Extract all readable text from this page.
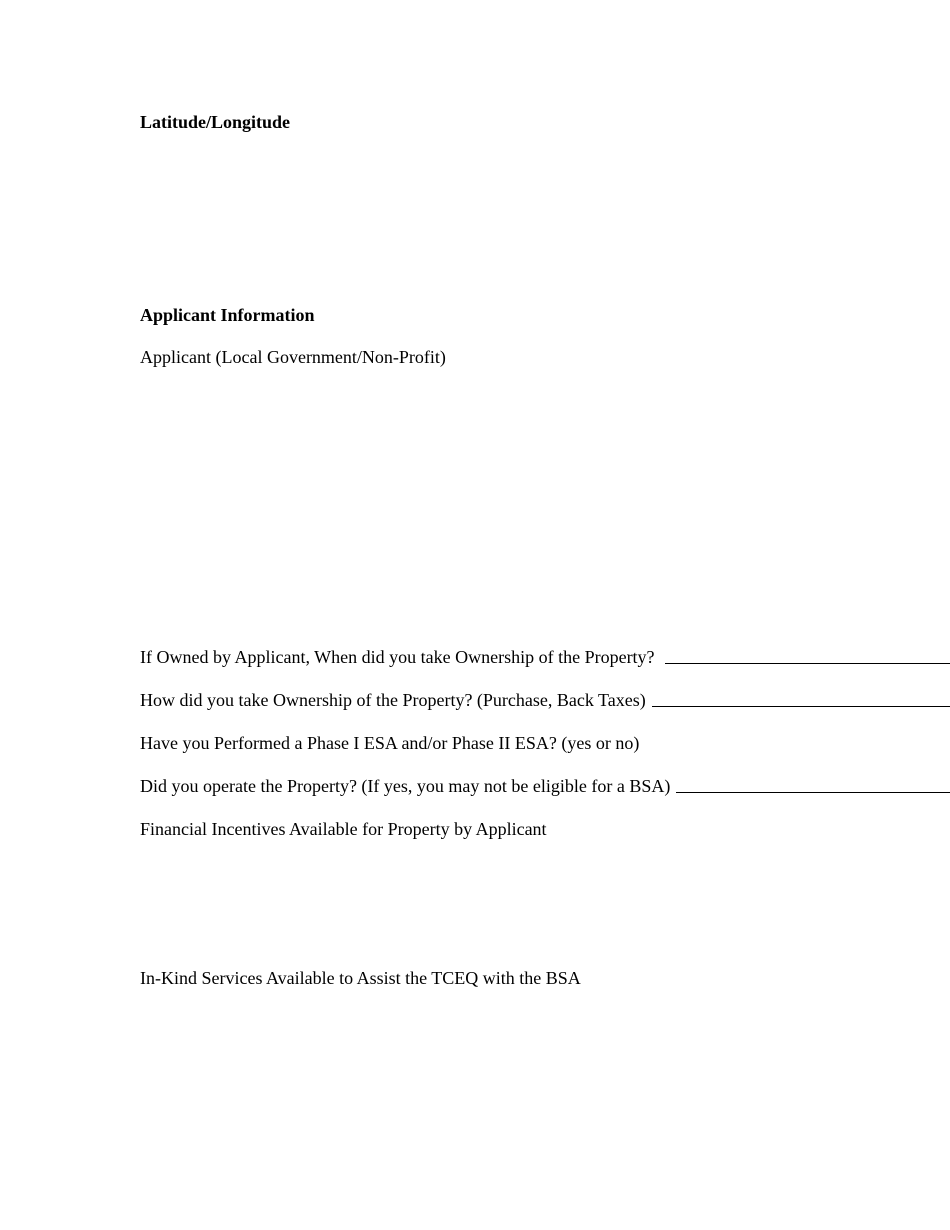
Latitude/Longitude
Applicant Information
Applicant (Local Government/Non-Profit)
If Owned by Applicant, When did you take Ownership of the Property?
How did you take Ownership of the Property? (Purchase, Back Taxes)
Have you Performed a Phase I ESA and/or Phase II ESA? (yes or no)
Did you operate the Property? (If yes, you may not be eligible for a BSA)
Financial Incentives Available for Property by Applicant
In-Kind Services Available to Assist the TCEQ with the BSA
